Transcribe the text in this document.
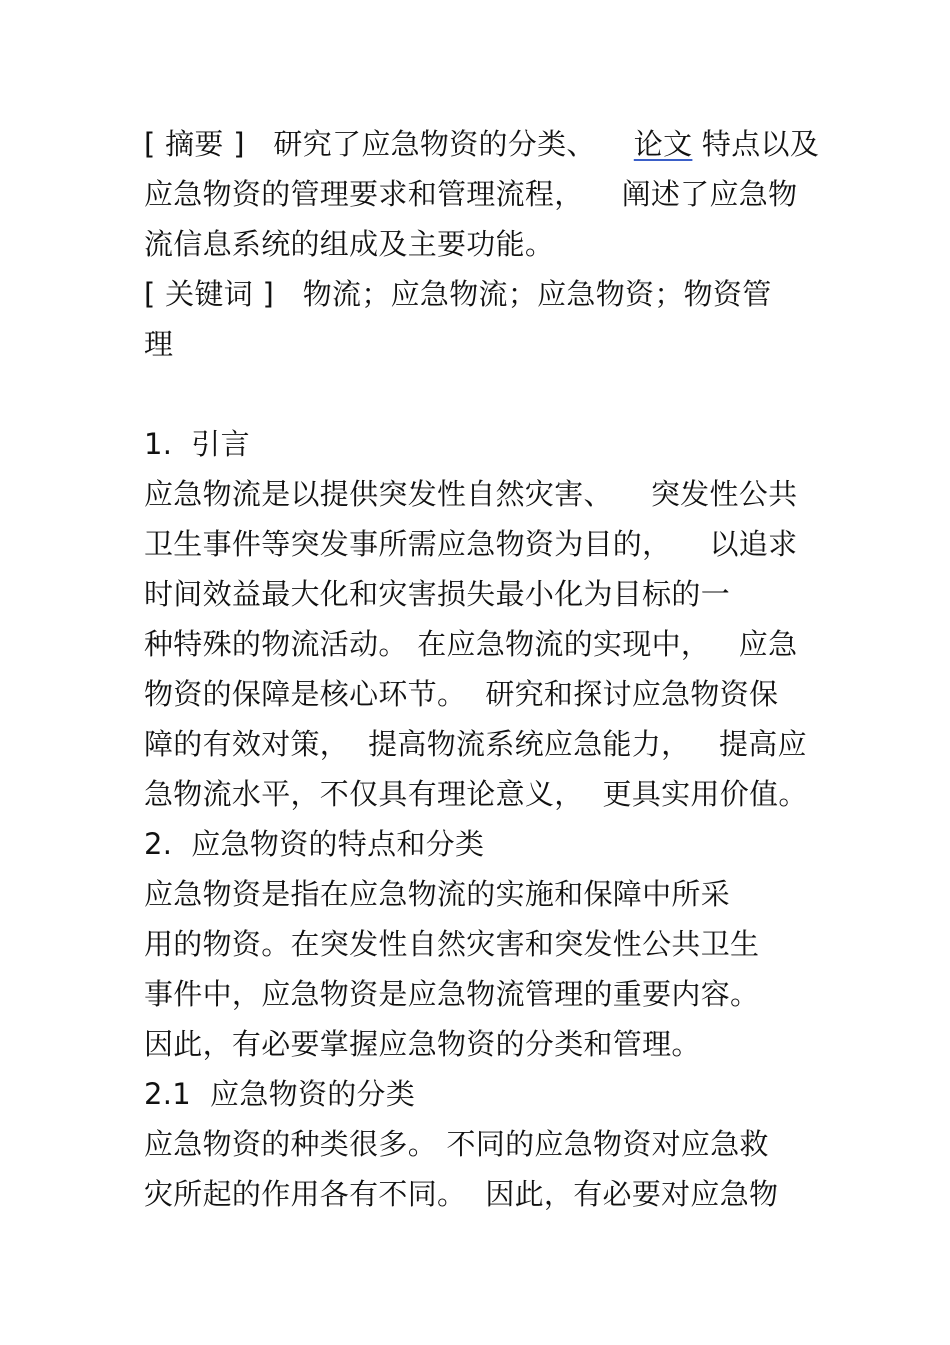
[ 摘要 ]   研究了应急物资的分类、    论文 特点以及
应急物资的管理要求和管理流程，    阐述了应急物
流信息系统的组成及主要功能。
[ 关键词 ]   物流；应急物流；应急物资；物资管
理
1.  引言
应急物流是以提供突发性自然灾害、    突发性公共
卫生事件等突发事所需应急物资为目的，    以追求
时间效益最大化和灾害损失最小化为目标的一
种特殊的物流活动。 在应急物流的实现中，   应急
物资的保障是核心环节。  研究和探讨应急物资保
障的有效对策，  提高物流系统应急能力，   提高应
急物流水平，不仅具有理论意义，  更具实用价值。
2.  应急物资的特点和分类
应急物资是指在应急物流的实施和保障中所采
用的物资。在突发性自然灾害和突发性公共卫生
事件中，应急物资是应急物流管理的重要内容。
因此，有必要掌握应急物资的分类和管理。
2.1  应急物资的分类
应急物资的种类很多。 不同的应急物资对应急救
灾所起的作用各有不同。  因此，有必要对应急物
